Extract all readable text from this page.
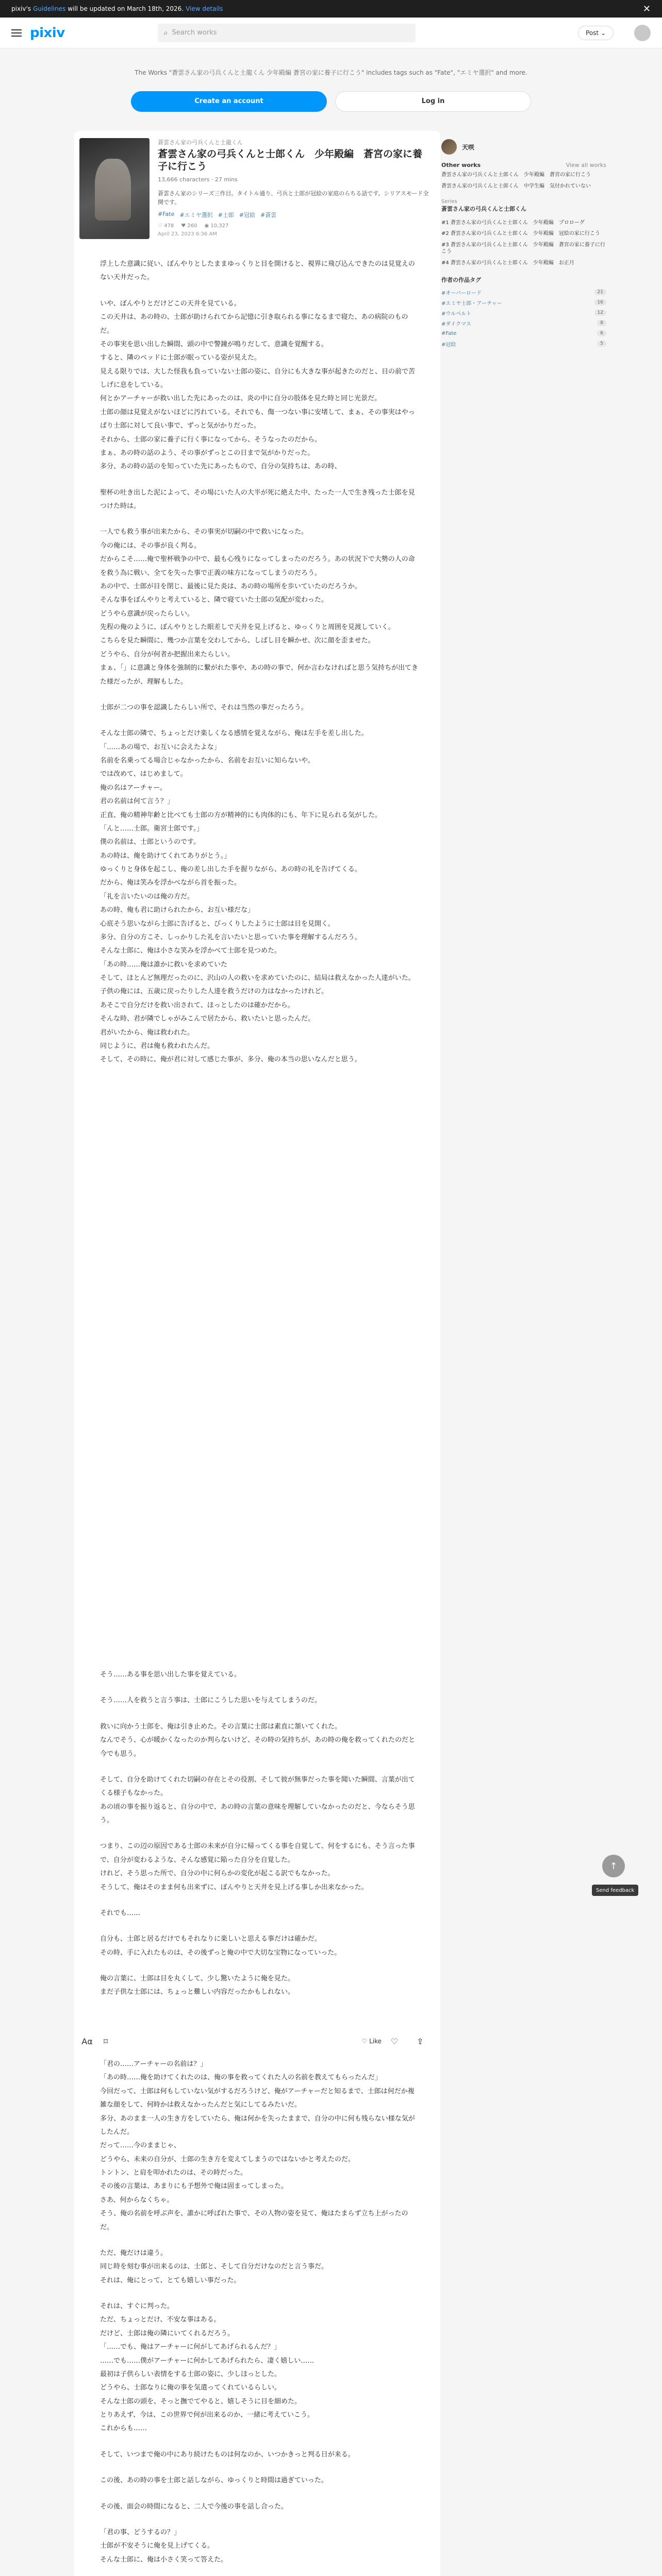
pixiv's Guidelines will be updated on March 18th, 2026. View details	✕
pixiv	⌕ Search works	Post ⌄
The Works "蒼雲さん家の弓兵くんと土龍くん 少年殿編 蒼宮の家に養子に行こう" includes tags such as "Fate", "エミヤ選択" and more.
Create an account	Log in
蒼雲さん家の弓兵くんと土龍くん
蒼雲さん家の弓兵くんと士郎くん　少年殿編　蒼宮の家に養子に行こう
13,666 characters · 27 mins
蒼雲さん家のシリーズ三作目。タイトル通り、弓兵と士郎が冠絵の家庭のらちる話です。シリアスモード全開です。
#Fate #エミヤ選択 #士郎 #冠絵 #蒼雲
♡ 478 ♥ 260 ◉ 10,327
April 23, 2023 6:36 AM

浮上した意識に従い、ぼんやりとしたままゆっくりと目を開けると、視界に飛び込んできたのは見覚えのない天井だった。

いや、ぼんやりとだけどこの天井を見ている。

この天井は、あの時の、士郎が助けられてから記憶に引き取られる事になるまで寝た、あの病院のものだ。

その事実を思い出した瞬間、頭の中で警鐘が鳴りだして、意識を覚醒する。

すると、隣のベッドに士郎が眠っている姿が見えた。

見える限りでは、大した怪我も負っていない士郎の姿に、自分にも大きな事が起きたのだと、目の前で苦しげに息をしている。

何とかアーチャーが救い出した先にあったのは、炎の中に自分の肢体を見た時と同じ光景だ。

士郎の顔は見覚えがないほどに汚れている。それでも、傷一つない事に安堵して、まぁ、その事実はやっぱり士郎に対して良い事で、ずっと気がかりだった。

それから、士郎の家に養子に行く事になってから、そうなったのだから。

まぁ、あの時の話のよう、その事がずっとこの日まで気がかりだった。

多分、あの時の話のを知っていた先にあったもので、自分の気持ちは、あの時、

聖杯の吐き出した泥によって、その場にいた人の大半が死に絶えた中、たった一人で生き残った士郎を見つけた時は。

一人でも救う事が出来たから、その事実が切嗣の中で救いになった。

今の俺には、その事が良く判る。

だからこそ……俺で聖杯戦争の中で、最も心残りになってしまったのだろう。あの状況下で大勢の人の命を救う為に戦い、全てを失った事で正義の味方になってしまうのだろう。

あの中で、士郎が目を閉じ、最後に見た炎は、あの時の場所を歩いていたのだろうか。

そんな事をぼんやりと考えていると、隣で寝ていた士郎の気配が変わった。

どうやら意識が戻ったらしい。

先程の俺のように、ぼんやりとした眼差しで天井を見上げると、ゆっくりと周囲を見渡していく。

こちらを見た瞬間に、幾つか言葉を交わしてから、しばし目を瞬かせ、次に顔を歪ませた。

どうやら、自分が何者か把握出来たらしい。

まぁ、「」に意識と身体を強制的に繋がれた事や、あの時の事で、何か言わなければと思う気持ちが出てきた様だったが、理解もした。

士郎が二つの事を認識したらしい所で、それは当然の事だったろう。

そんな士郎の隣で、ちょっとだけ楽しくなる感情を覚えながら、俺は左手を差し出した。

「……あの場で、お互いに会えたよな」

名前を名乗ってる場合じゃなかったから、名前をお互いに知らないや。

では改めて、はじめまして。

俺の名はアーチャー。

君の名前は何て言う？」

正直、俺の精神年齢と比べても士郎の方が精神的にも肉体的にも、年下に見られる気がした。

「んと……士郎。衛宮士郎です。」

僕の名前は、士郎というのです。

あの時は、俺を助けてくれてありがとう。」

ゆっくりと身体を起こし、俺の差し出した手を握りながら、あの時の礼を告げてくる。

だから、俺は笑みを浮かべながら首を振った。

「礼を言いたいのは俺の方だ。

あの時、俺も君に助けられたから、お互い様だな」

心底そう思いながら士郎に告げると、びっくりしたように士郎は目を見開く。

多分、自分の方こそ、しっかりした礼を言いたいと思っていた事を理解するんだろう。

そんな士郎に、俺は小さな笑みを浮かべて士郎を見つめた。

「あの時……俺は誰かに救いを求めていた

そして、ほとんど無理だったのに、沢山の人の救いを求めていたのに、結局は救えなかった人達がいた。

子供の俺には、五歳に戻ったりした人達を救うだけの力はなかったけれど。

あそこで自分だけを救い出されて、ほっとしたのは確かだから。

そんな時、君が隣でしゃがみこんで居たから、救いたいと思ったんだ。

君がいたから、俺は救われた。

同じように、君は俺も救われたんだ。

そして、その時に、俺が君に対して感じた事が、多分、俺の本当の思いなんだと思う。

そう……ある事を思い出した事を覚えている。

そう……人を救うと言う事は、士郎にこうした思いを与えてしまうのだ。

救いに向かう士郎を、俺は引き止めた。その言葉に士郎は素直に頷いてくれた。

なんでそう、心が暖かくなったのか判らないけど、その時の気持ちが、あの時の俺を救ってくれたのだと今でも思う。

そして、自分を助けてくれた切嗣の存在とその役割、そして彼が無事だった事を聞いた瞬間、言葉が出てくる様子もなかった。

あの頃の事を振り返ると、自分の中で、あの時の言葉の意味を理解していなかったのだと、今ならそう思う。

つまり、この辺の原因である士郎の未来が自分に帰ってくる事を自覚して、何をするにも、そう言った事で、自分が変わるような、そんな感覚に陥った自分を自覚した。

けれど、そう思った所で、自分の中に何らかの変化が起こる訳でもなかった。

そうして、俺はそのまま何も出来ずに、ぼんやりと天井を見上げる事しか出来なかった。

それでも……

自分も、士郎と居るだけでもそれなりに楽しいと思える事だけは確かだ。

その時、手に入れたものは、その後ずっと俺の中で大切な宝物になっていった。

俺の言葉に、士郎は目を丸くして、少し驚いたように俺を見た。

まだ子供な士郎には、ちょっと難しい内容だったかもしれない。

Aα	⌑	♡ Like ♡ ⇪

「君の……アーチャーの名前は？」

「あの時……俺を助けてくれたのは、俺の事を救ってくれた人の名前を教えてもらったんだ」

今回だって、士郎は何もしていない気がするだろうけど、俺がアーチャーだと知るまで、士郎は何だか複雑な顔をして、何時かは救えなかったんだと気にしてるみたいだ。

多分、あのまま一人の生き方をしていたら、俺は何かを失ったままで、自分の中に何も残らない様な気がしたんだ。

だって……今のままじゃ、

どうやら、未来の自分が、士郎の生き方を変えてしまうのではないかと考えたのだ。

トントン、と肩を叩かれたのは、その時だった。

その後の言葉は、あまりにも予想外で俺は固まってしまった。

さあ、何からなくちゃ。

そう、俺の名前を呼ぶ声を、誰かに呼ばれた事で、その人物の姿を見て、俺はたまらず立ち上がったのだ。

ただ、俺だけは違う。

同じ時を刻む事が出来るのは、士郎と、そして自分だけなのだと言う事だ。

それは、俺にとって、とても嬉しい事だった。

それは、すぐに判った。

ただ、ちょっとだけ、不安な事はある。

だけど、士郎は俺の隣にいてくれるだろう。

「……でも、俺はアーチャーに何がしてあげられるんだ？」

……でも……僕がアーチャーに何かしてあげられたら、凄く嬉しい……

最初は子供らしい表情をする士郎の姿に、少しほっとした。

どうやら、士郎なりに俺の事を気遣ってくれているらしい。

そんな士郎の頭を、そっと撫でてやると、嬉しそうに目を細めた。

とりあえず、今は、この世界で何が出来るのか、一緒に考えていこう。

これからも……

そして、いつまで俺の中にあり続けたものは何なのか、いつかきっと判る日が来る。

この後、あの時の事を士郎と話しながら、ゆっくりと時間は過ぎていった。

その後、面会の時間になると、二人で今後の事を話し合った。

「君の事、どうするの？」

士郎が不安そうに俺を見上げてくる。

そんな士郎に、俺は小さく笑って答えた。

天咲
Other works	View all works
蒼雲さん家の弓兵くんと士郎くん　少年殿編　蒼宮の家に行こう
蒼雲さん家の弓兵くんと士郎くん　中学生編　気付かれていない
Series
蒼雲さん家の弓兵くんと士郎くん
#1 蒼雲さん家の弓兵くんと士郎くん　少年殿編　プロローグ
#2 蒼雲さん家の弓兵くんと士郎くん　少年殿編　冠絵の家に行こう
#3 蒼雲さん家の弓兵くんと士郎くん　少年殿編　蒼宮の家に養子に行こう
#4 蒼雲さん家の弓兵くんと士郎くん　少年殿編　お正月
作者の作品タグ
#オーバーロード	21
#エミヤ士郎・アーチャー	16
#ウルベルト	12
#ダイクマス	8
#Fate	6
#冠絵	5
↑
Send feedback
